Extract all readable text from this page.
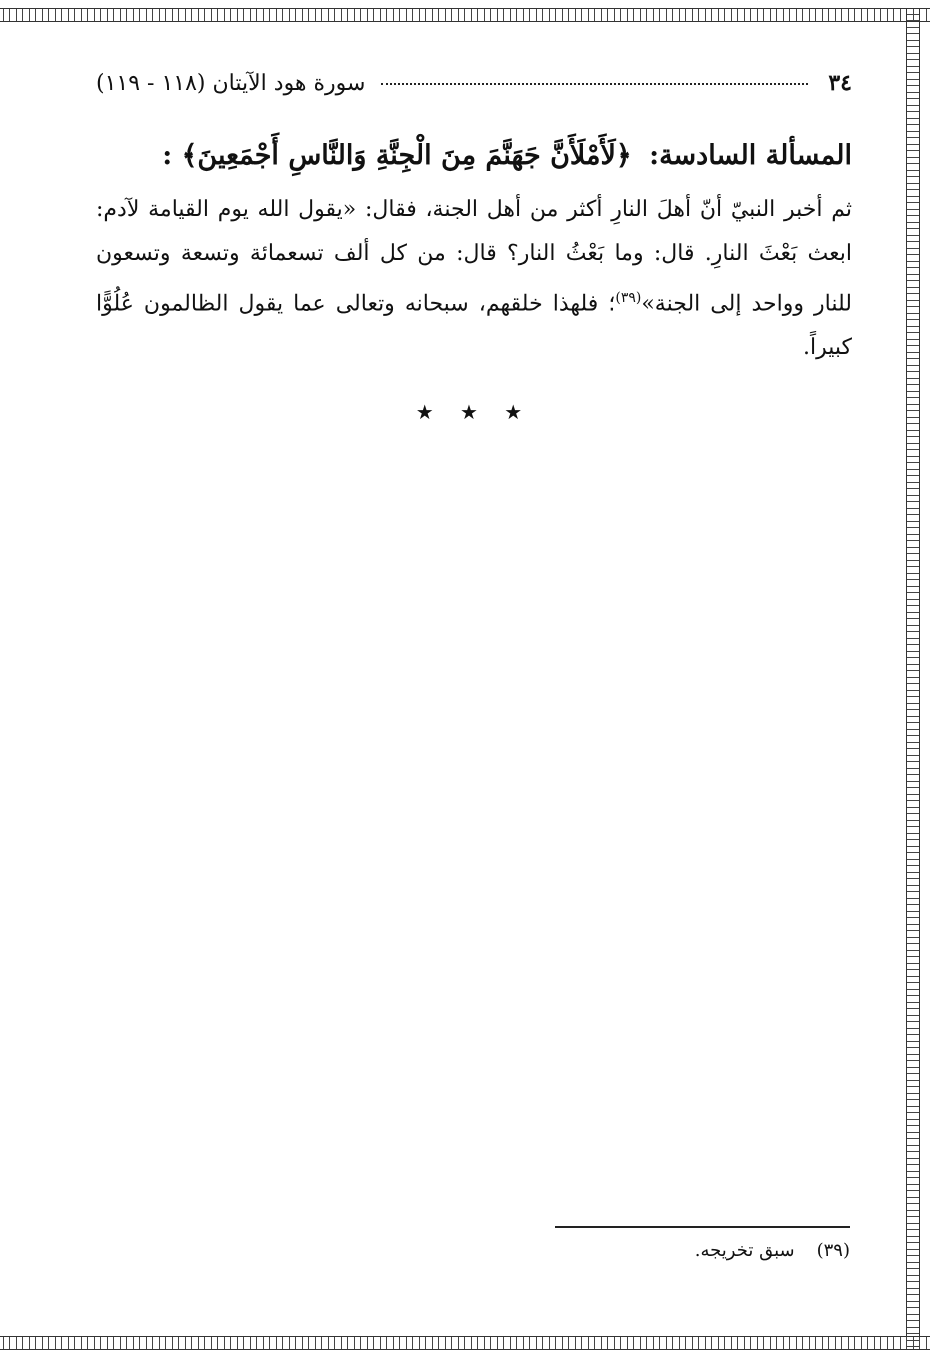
٣٤
سورة هود الآيتان (١١٨ - ١١٩)
المسألة السادسة: ﴿لَأَمْلَأَنَّ جَهَنَّمَ مِنَ الْجِنَّةِ وَالنَّاسِ أَجْمَعِينَ﴾ :
ثم أخبر النبيّ أنّ أهلَ النارِ أكثر من أهل الجنة، فقال: «يقول الله يوم القيامة لآدم: ابعث بَعْثَ النارِ. قال: وما بَعْثُ النار؟ قال: من كل ألف تسعمائة وتسعة وتسعون للنار وواحد إلى الجنة»$^{(٣٩)}$؛ فلهذا خلقهم، سبحانه وتعالى عما يقول الظالمون عُلُوًّا كبيراً.
★ ★ ★
(٣٩)
سبق تخريجه.
